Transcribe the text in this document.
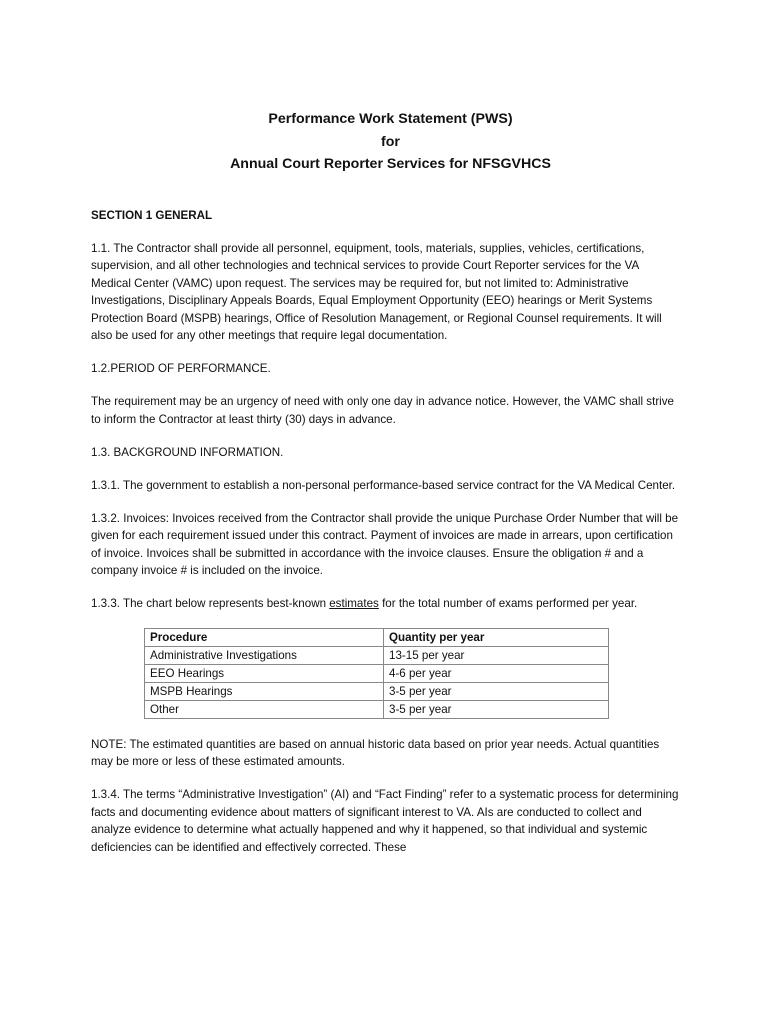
Performance Work Statement (PWS)
for
Annual Court Reporter Services for NFSGVHCS
SECTION 1 GENERAL

1.1. The Contractor shall provide all personnel, equipment, tools, materials, supplies, vehicles, certifications, supervision, and all other technologies and technical services to provide Court Reporter services for the VA Medical Center (VAMC) upon request. The services may be required for, but not limited to: Administrative Investigations, Disciplinary Appeals Boards, Equal Employment Opportunity (EEO) hearings or Merit Systems Protection Board (MSPB) hearings, Office of Resolution Management, or Regional Counsel requirements. It will also be used for any other meetings that require legal documentation.

1.2.PERIOD OF PERFORMANCE.

The requirement may be an urgency of need with only one day in advance notice. However, the VAMC shall strive to inform the Contractor at least thirty (30) days in advance.

1.3. BACKGROUND INFORMATION.

1.3.1. The government to establish a non-personal performance-based service contract for the VA Medical Center.

1.3.2. Invoices: Invoices received from the Contractor shall provide the unique Purchase Order Number that will be given for each requirement issued under this contract. Payment of invoices are made in arrears, upon certification of invoice. Invoices shall be submitted in accordance with the invoice clauses. Ensure the obligation # and a company invoice # is included on the invoice.

1.3.3. The chart below represents best-known estimates for the total number of exams performed per year.

Procedure	Quantity per year
Administrative Investigations	13-15 per year
EEO Hearings	4-6 per year
MSPB Hearings	3-5 per year
Other	3-5 per year

NOTE: The estimated quantities are based on annual historic data based on prior year needs. Actual quantities may be more or less of these estimated amounts.

1.3.4. The terms “Administrative Investigation” (AI) and “Fact Finding” refer to a systematic process for determining facts and documenting evidence about matters of significant interest to VA. AIs are conducted to collect and analyze evidence to determine what actually happened and why it happened, so that individual and systemic deficiencies can be identified and effectively corrected. These
